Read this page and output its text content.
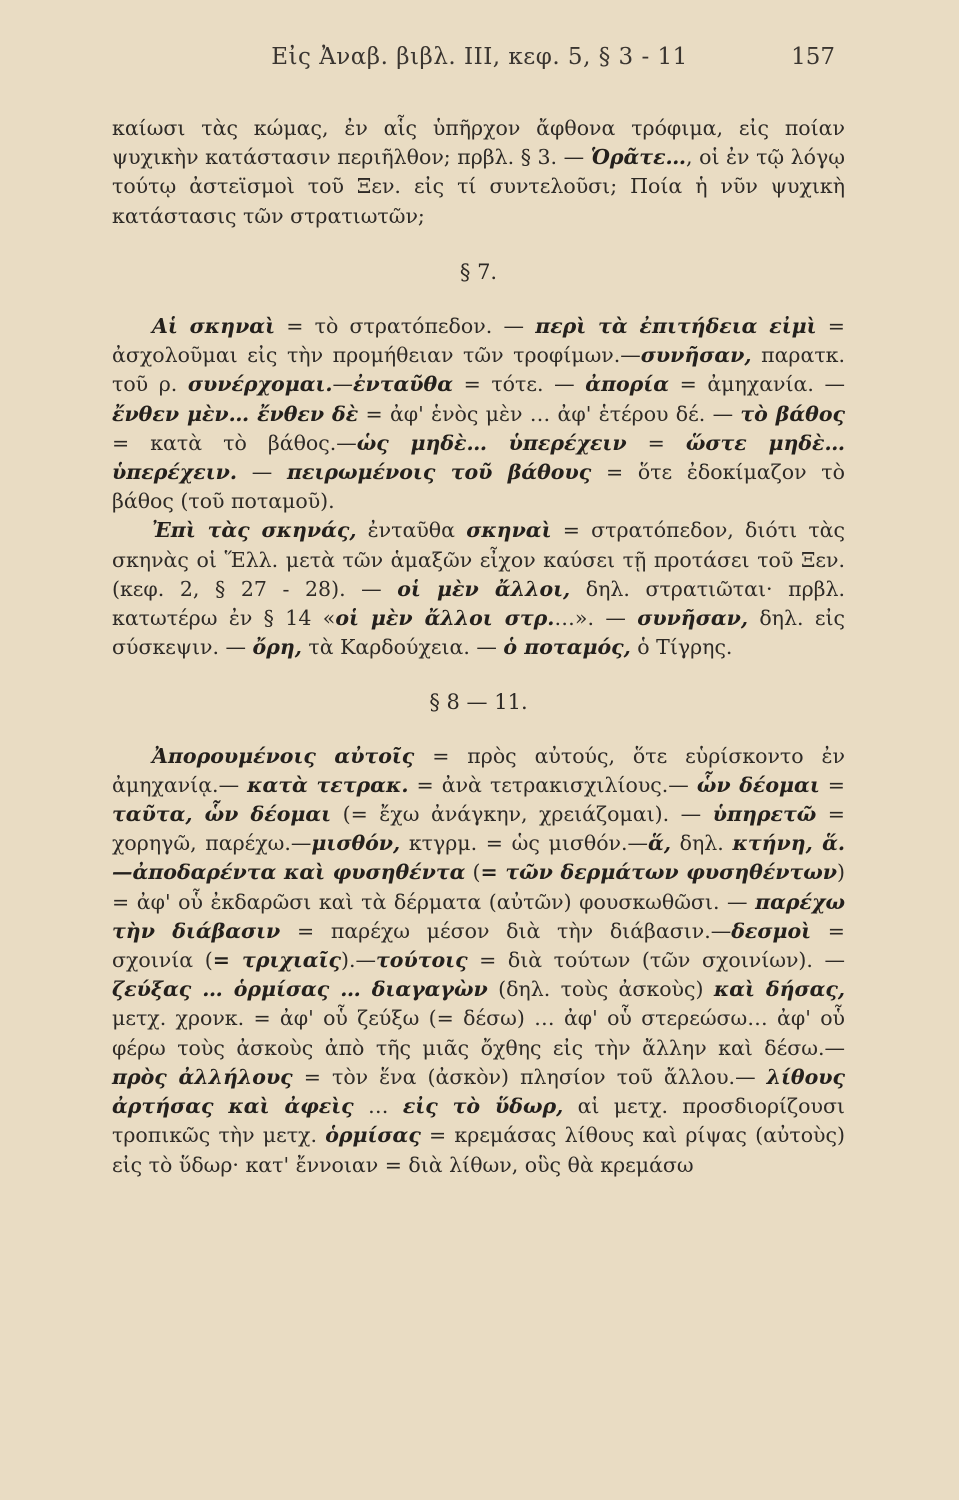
Εἰς Ἀναβ. βιβλ. ΙΙΙ, κεφ. 5, § 3 - 11	157

καίωσι τὰς κώμας, ἐν αἷς ὑπῆρχον ἄφθονα τρόφιμα, εἰς ποίαν ψυχικὴν κατάστασιν περιῆλθον; πρβλ. § 3. — Ὁρᾶτε…, οἱ ἐν τῷ λόγῳ τούτῳ ἀστεϊσμοὶ τοῦ Ξεν. εἰς τί συντελοῦσι; Ποία ἡ νῦν ψυχικὴ κατάστασις τῶν στρατιωτῶν;

§ 7.

Αἱ σκηναὶ = τὸ στρατόπεδον. — περὶ τὰ ἐπιτήδεια εἰμὶ = ἀσχολοῦμαι εἰς τὴν προμήθειαν τῶν τροφίμων.—συνῆσαν, παρατκ. τοῦ ρ. συνέρχομαι.—ἐνταῦθα = τότε. — ἀπορία = ἀμηχανία. — ἔνθεν μὲν… ἔνθεν δὲ = ἀφ' ἑνὸς μὲν … ἀφ' ἑτέρου δέ. — τὸ βάθος = κατὰ τὸ βάθος.—ὡς μηδὲ… ὑπερέχειν = ὥστε μηδὲ… ὑπερέχειν. — πειρωμένοις τοῦ βάθους = ὅτε ἐδοκίμαζον τὸ βάθος (τοῦ ποταμοῦ).

Ἐπὶ τὰς σκηνάς, ἐνταῦθα σκηναὶ = στρατόπεδον, διότι τὰς σκηνὰς οἱ Ἕλλ. μετὰ τῶν ἁμαξῶν εἶχον καύσει τῇ προτάσει τοῦ Ξεν. (κεφ. 2, § 27 - 28). — οἱ μὲν ἄλλοι, δηλ. στρατιῶται· πρβλ. κατωτέρω ἐν § 14 «οἱ μὲν ἄλλοι στρ.…». — συνῆσαν, δηλ. εἰς σύσκεψιν. — ὄρη, τὰ Καρδούχεια. — ὁ ποταμός, ὁ Τίγρης.

§ 8 — 11.

Ἀπορουμένοις αὐτοῖς = πρὸς αὐτούς, ὅτε εὑρίσκοντο ἐν ἀμηχανίᾳ.— κατὰ τετρακ. = ἀνὰ τετρακισχιλίους.— ὧν δέομαι = ταῦτα, ὧν δέομαι (= ἔχω ἀνάγκην, χρειάζομαι). — ὑπηρετῶ = χορηγῶ, παρέχω.—μισθόν, κτγρμ. = ὡς μισθόν.—ἅ, δηλ. κτήνη, ἅ.—ἀποδαρέντα καὶ φυσηθέντα (= τῶν δερμάτων φυσηθέντων) = ἀφ' οὗ ἐκδαρῶσι καὶ τὰ δέρματα (αὐτῶν) φουσκωθῶσι. — παρέχω τὴν διάβασιν = παρέχω μέσον διὰ τὴν διάβασιν.—δεσμοὶ = σχοινία (= τριχιαῖς).—τούτοις = διὰ τούτων (τῶν σχοινίων). —ζεύξας … ὁρμίσας … διαγαγὼν (δηλ. τοὺς ἀσκοὺς) καὶ δήσας, μετχ. χρονκ. = ἀφ' οὗ ζεύξω (= δέσω) … ἀφ' οὗ στερεώσω… ἀφ' οὗ φέρω τοὺς ἀσκοὺς ἀπὸ τῆς μιᾶς ὄχθης εἰς τὴν ἄλλην καὶ δέσω.—πρὸς ἀλλήλους = τὸν ἕνα (ἀσκὸν) πλησίον τοῦ ἄλλου.— λίθους ἀρτήσας καὶ ἀφεὶς … εἰς τὸ ὕδωρ, αἱ μετχ. προσδιορίζουσι τροπικῶς τὴν μετχ. ὁρμίσας = κρεμάσας λίθους καὶ ρίψας (αὐτοὺς) εἰς τὸ ὕδωρ· κατ' ἔννοιαν = διὰ λίθων, οὓς θὰ κρεμάσω
